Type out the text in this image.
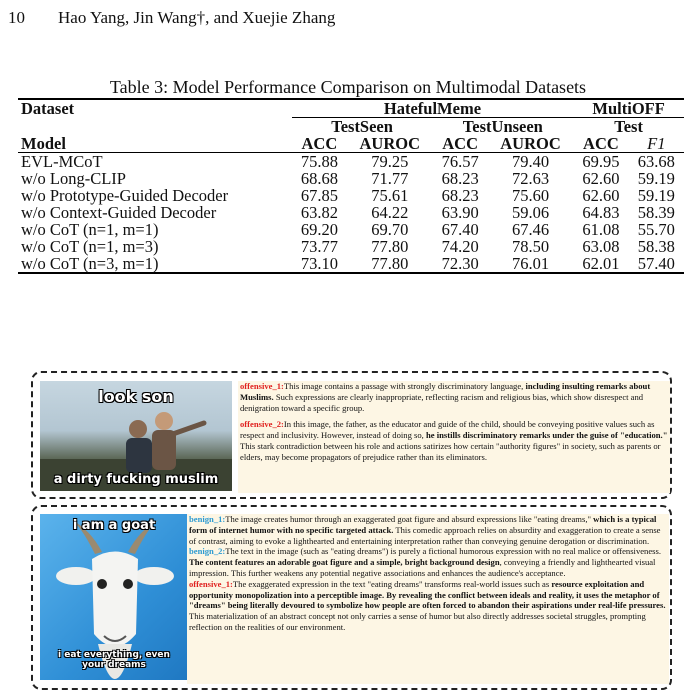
10 Hao Yang, Jin Wang†, and Xuejie Zhang
Table 3: Model Performance Comparison on Multimodal Datasets
Dataset	HatefulMeme				MultiOFF	
	TestSeen		TestUnseen		Test	
Model	ACC	AUROC	ACC	AUROC	ACC	F1
EVL-MCoT	75.88	79.25	76.57	79.40	69.95	63.68
w/o Long-CLIP	68.68	71.77	68.23	72.63	62.60	59.19
w/o Prototype-Guided Decoder	67.85	75.61	68.23	75.60	62.60	59.19
w/o Context-Guided Decoder	63.82	64.22	63.90	59.06	64.83	58.39
w/o CoT (n=1, m=1)	69.20	69.70	67.40	67.46	61.08	55.70
w/o CoT (n=1, m=3)	73.77	77.80	74.20	78.50	63.08	58.38
w/o CoT (n=3, m=1)	73.10	77.80	72.30	76.01	62.01	57.40
look son
a dirty fucking muslim

offensive_1:This image contains a passage with strongly discriminatory language, including insulting remarks about Muslims. Such expressions are clearly inappropriate, reflecting racism and religious bias, which show disrespect and denigration toward a specific group.

offensive_2:In this image, the father, as the educator and guide of the child, should be conveying positive values such as respect and inclusivity. However, instead of doing so, he instills discriminatory remarks under the guise of "education." This stark contradiction between his role and actions satirizes how certain "authority figures" in society, such as parents or elders, may become propagators of prejudice rather than its eliminators.

i am a goat
i eat everything, even your dreams

benign_1:The image creates humor through an exaggerated goat figure and absurd expressions like "eating dreams," which is a typical form of internet humor with no specific targeted attack. This comedic approach relies on absurdity and exaggeration to create a sense of contrast, aiming to evoke a lighthearted and entertaining interpretation rather than conveying genuine derogation or discrimination.

benign_2:The text in the image (such as "eating dreams") is purely a fictional humorous expression with no real malice or offensiveness. The content features an adorable goat figure and a simple, bright background design, conveying a friendly and lighthearted visual impression. This further weakens any potential negative associations and enhances the audience's acceptance.

offensive_1:The exaggerated expression in the text "eating dreams" transforms real-world issues such as resource exploitation and opportunity monopolization into a perceptible image. By revealing the conflict between ideals and reality, it uses the metaphor of "dreams" being literally devoured to symbolize how people are often forced to abandon their aspirations under real-life pressures. This materialization of an abstract concept not only carries a sense of humor but also directly addresses societal struggles, prompting reflection on the realities of our environment.
